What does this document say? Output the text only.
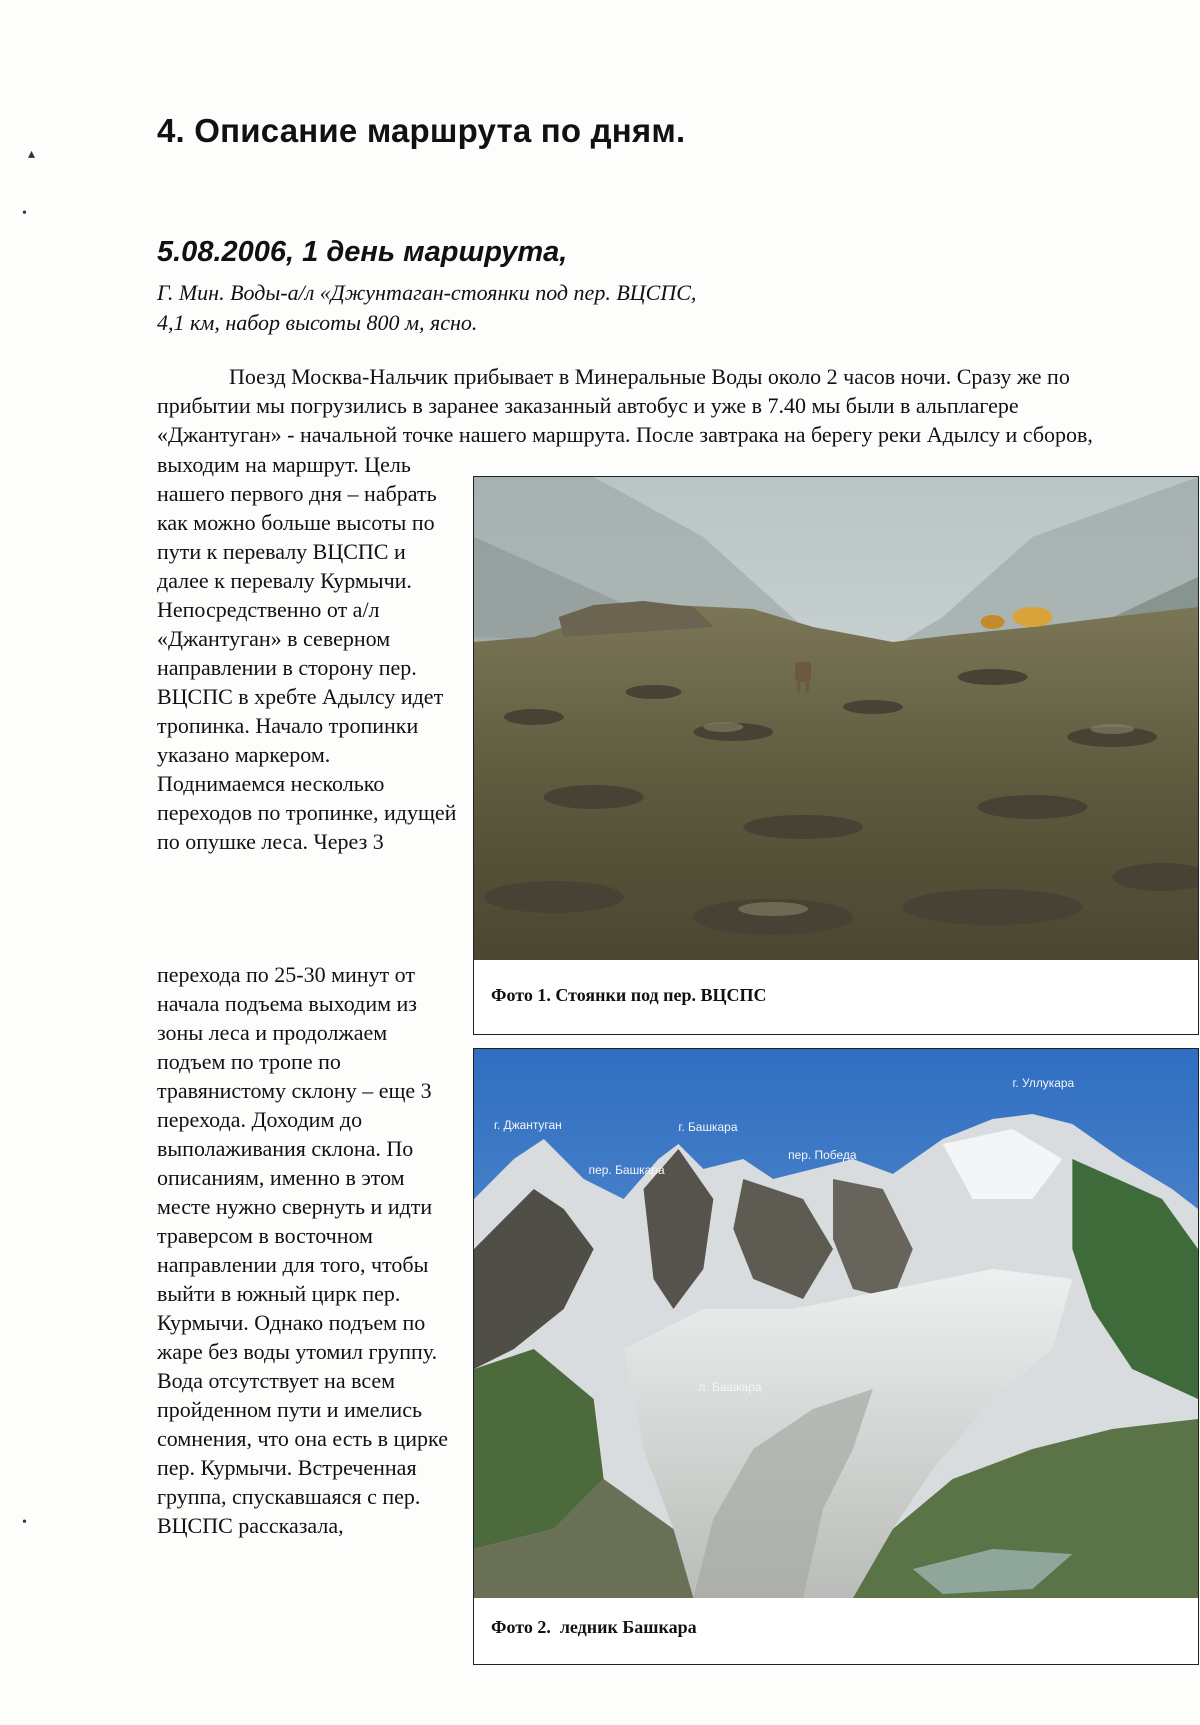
4. Описание маршрута по дням.
5.08.2006, 1 день маршрута,
Г. Мин. Воды-а/л «Джунтаган-стоянки под пер. ВЦСПС,
4,1 км, набор высоты 800 м, ясно.

Поезд Москва-Нальчик прибывает в Минеральные Воды около 2 часов ночи. Сразу же по прибытии мы погрузились в заранее заказанный автобус и уже в 7.40 мы были в альплагере «Джантуган» - начальной точке нашего маршрута. После завтрака на берегу реки Адылсу и сборов,

выходим на маршрут. Цель нашего первого дня – набрать как можно больше высоты по пути к перевалу ВЦСПС и далее к перевалу Курмычи. Непосредственно от а/л «Джантуган» в северном направлении в сторону пер. ВЦСПС в хребте Адылсу идет тропинка. Начало тропинки указано маркером. Поднимаемся несколько переходов по тропинке, идущей по опушке леса. Через 3

перехода по 25-30 минут от начала подъема выходим из зоны леса и продолжаем подъем по тропе по травянистому склону – еще 3 перехода. Доходим до выполаживания склона. По описаниям, именно в этом месте нужно свернуть и идти траверсом в восточном направлении для того, чтобы выйти в южный цирк пер. Курмычи. Однако подъем по жаре без воды утомил группу. Вода отсутствует на всем пройденном пути и имелись сомнения, что она есть в цирке пер. Курмычи. Встреченная группа, спускавшаяся с пер. ВЦСПС рассказала,

Фото 1. Стоянки под пер. ВЦСПС
г. Джантуган	г. Башкара
г. Уллукара
пер. Башкара
пер. Победа
л. Башкара
Фото 2.  ледник Башкара
▴
•
•
